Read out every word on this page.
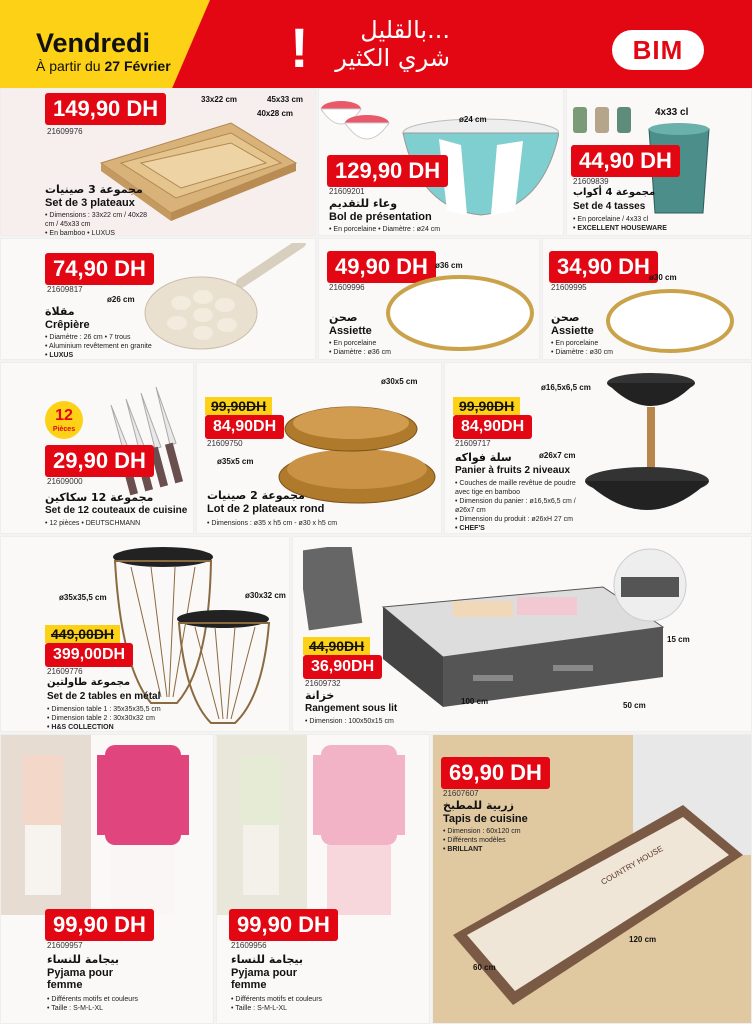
Vendredi
À partir du 27 Février !	بالقليل...
شري الكثير	BIM
149,90 DH
21609976
33x22 cm	45x33 cm
40x28 cm
مجموعة 3 صينيات
Set de 3 plateaux
• Dimensions : 33x22 cm / 40x28 cm / 45x33 cm
• En bamboo • LUXUS
ø24 cm
129,90 DH
21609201
وعاء للتقديم
Bol de présentation
• En porcelaine • Diamètre : ø24 cm
4x33 cl
44,90 DH
21609839
مجموعة 4 أكواب
Set de 4 tasses
• En porcelaine / 4x33 cl
• EXCELLENT HOUSEWARE
74,90 DH
21609817
ø26 cm
مقلاة
Crêpière
• Diamètre : 26 cm • 7 trous
• Aluminium revêtement en granite
• LUXUS
49,90 DH
21609996
ø36 cm
صحن
Assiette
• En porcelaine
• Diamètre : ø36 cm
34,90 DH
21609995
ø30 cm
صحن
Assiette
• En porcelaine
• Diamètre : ø30 cm
12
Pièces
29,90 DH
21609000
مجموعة 12 سكاكين
Set de 12 couteaux de cuisine
• 12 pièces • DEUTSCHMANN
99,90DH
84,90DH
21609750
ø30x5 cm
ø35x5 cm
مجموعة 2 صينيات
Lot de 2 plateaux rond
• Dimensions : ø35 x h5 cm - ø30 x h5 cm
99,90DH
84,90DH
21609717
ø16,5x6,5 cm
ø26x7 cm
سلة فواكه
Panier à fruits 2 niveaux
• Couches de maille revêtue de poudre avec tige en bamboo
• Dimension du panier : ø16,5x6,5 cm / ø26x7 cm
• Dimension du produit : ø26xH 27 cm
• CHEF'S
ø35x35,5 cm	ø30x32 cm
449,00DH
399,00DH
21609776
مجموعة طاولتين
Set de 2 tables en métal
• Dimension table 1 : 35x35x35,5 cm
• Dimension table 2 : 30x30x32 cm
• H&S COLLECTION
100 cm	50 cm
15 cm
44,90DH
36,90DH
21609732
خزانة
Rangement sous lit
• Dimension : 100x50x15 cm
99,90 DH
21609957
بيجامة للنساء
Pyjama pour femme
• Différents motifs et couleurs
• Taille : S-M-L-XL
99,90 DH
21609956
بيجامة للنساء
Pyjama pour femme
• Différents motifs et couleurs
• Taille : S-M-L-XL
COUNTRY HOUSE
69,90 DH
21607607
زربية للمطبخ
Tapis de cuisine
• Dimension : 60x120 cm
• Différents modèles
• BRILLANT
120 cm
60 cm
